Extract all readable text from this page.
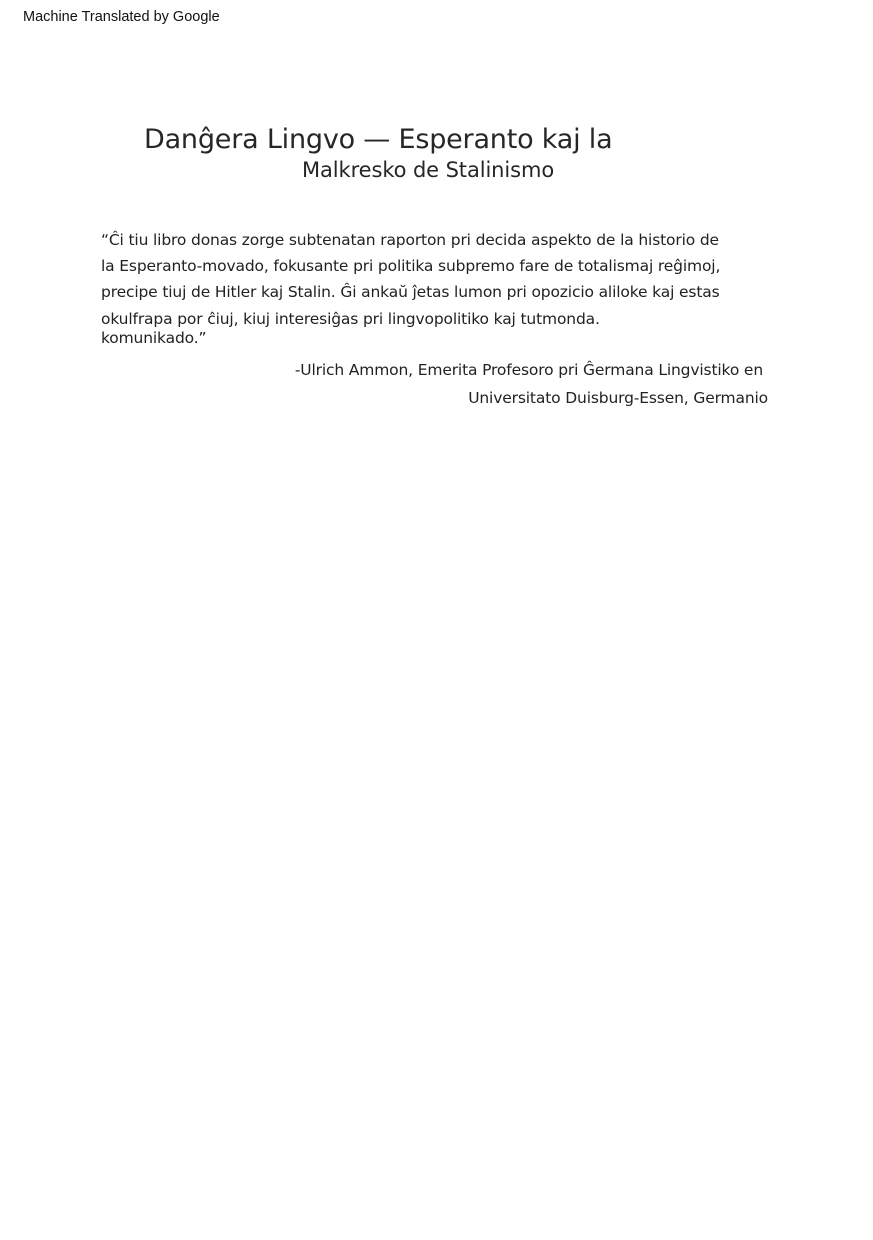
Machine Translated by Google
Danĝera Lingvo — Esperanto kaj la
Malkresko de Stalinismo
“Ĉi tiu libro donas zorge subtenatan raporton pri decida aspekto de la historio de
la Esperanto-movado, fokusante pri politika subpremo fare de totalismaj reĝimoj,
precipe tiuj de Hitler kaj Stalin. Ĝi ankaŭ ĵetas lumon pri opozicio aliloke kaj estas
okulfrapa por ĉiuj, kiuj interesiĝas pri lingvopolitiko kaj tutmonda.
komunikado.”
-Ulrich Ammon, Emerita Profesoro pri Ĝermana Lingvistiko en
Universitato Duisburg-Essen, Germanio
